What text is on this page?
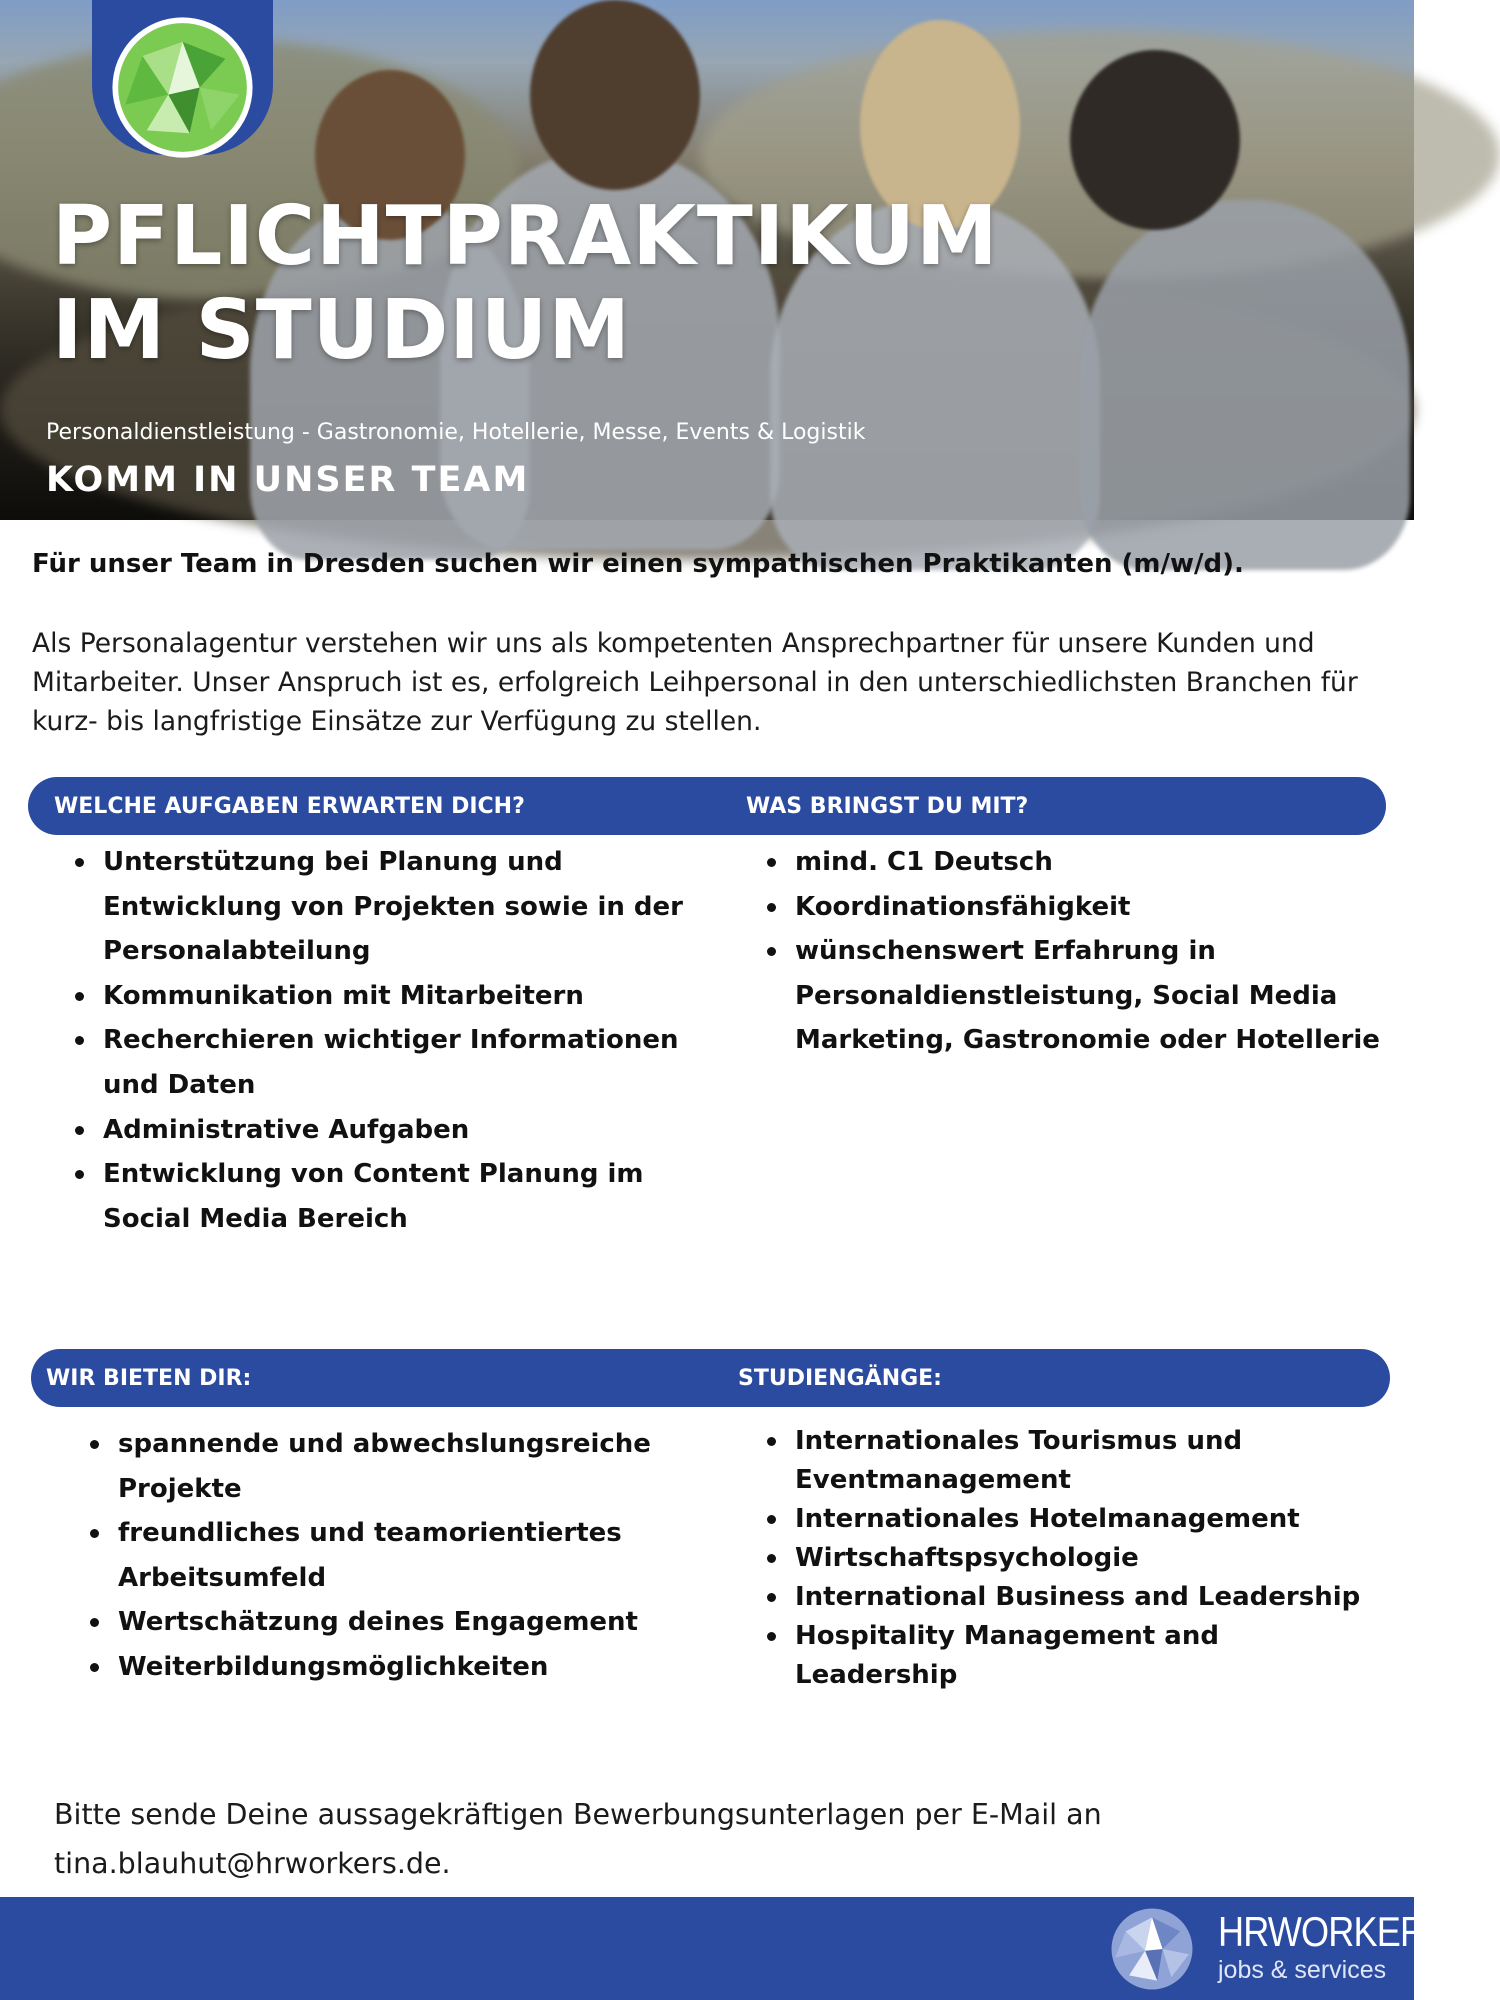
PFLICHTPRAKTIKUM
IM STUDIUM
Personaldienstleistung - Gastronomie, Hotellerie, Messe, Events & Logistik
KOMM IN UNSER TEAM

Für unser Team in Dresden suchen wir einen sympathischen Praktikanten (m/w/d).

Als Personalagentur verstehen wir uns als kompetenten Ansprechpartner für unsere Kunden und Mitarbeiter. Unser Anspruch ist es, erfolgreich Leihpersonal in den unterschiedlichsten Branchen für kurz- bis langfristige Einsätze zur Verfügung zu stellen.

WELCHE AUFGABEN ERWARTEN DICH?	WAS BRINGST DU MIT?
Unterstützung bei Planung und Entwicklung von Projekten sowie in der Personalabteilung
Kommunikation mit Mitarbeitern
Recherchieren wichtiger Informationen und Daten
Administrative Aufgaben
Entwicklung von Content Planung im Social Media Bereich
mind. C1 Deutsch
Koordinationsfähigkeit
wünschenswert Erfahrung in Personaldienstleistung, Social Media Marketing, Gastronomie oder Hotellerie
WIR BIETEN DIR:	STUDIENGÄNGE:
spannende und abwechslungsreiche Projekte
freundliches und teamorientiertes Arbeitsumfeld
Wertschätzung deines Engagement
Weiterbildungsmöglichkeiten
Internationales Tourismus und Eventmanagement
Internationales Hotelmanagement
Wirtschaftspsychologie
International Business and Leadership
Hospitality Management and Leadership

Bitte sende Deine aussagekräftigen Bewerbungsunterlagen per E-Mail an tina.blauhut@hrworkers.de.

HRWORKERS
jobs & services
